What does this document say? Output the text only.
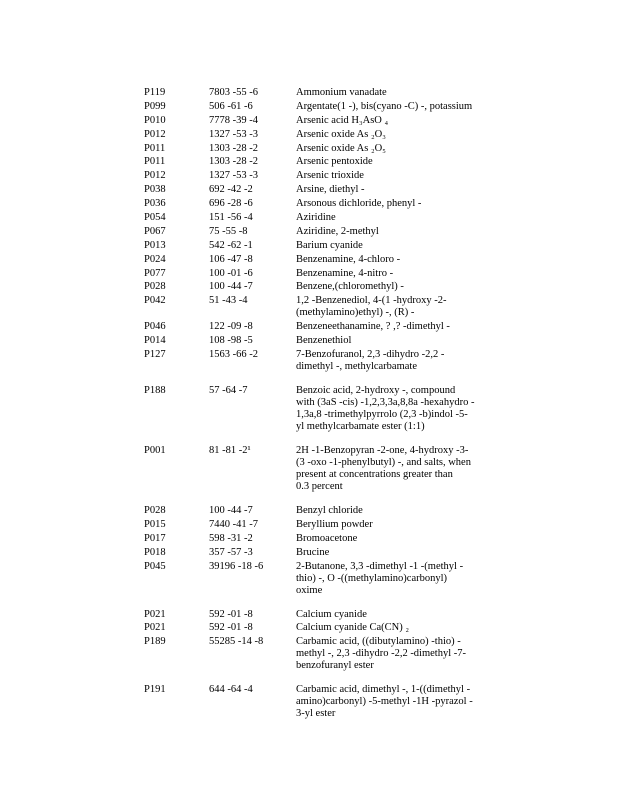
P119	7803 -55 -6	Ammonium vanadate
P099	506 -61 -6	Argentate(1 -), bis(cyano -C) -, potassium
P010	7778 -39 -4	Arsenic acid H₃AsO ₄
P012	1327 -53 -3	Arsenic oxide As ₂O₃
P011	1303 -28 -2	Arsenic oxide As ₂O₅
P011	1303 -28 -2	Arsenic pentoxide
P012	1327 -53 -3	Arsenic trioxide
P038	692 -42 -2	Arsine, diethyl -
P036	696 -28 -6	Arsonous dichloride, phenyl -
P054	151 -56 -4	Aziridine
P067	75 -55 -8	Aziridine, 2-methyl
P013	542 -62 -1	Barium cyanide
P024	106 -47 -8	Benzenamine, 4-chloro -
P077	100 -01 -6	Benzenamine, 4-nitro -
P028	100 -44 -7	Benzene,(chloromethyl) -
P042	51 -43 -4	1,2 -Benzenediol, 4-(1 -hydroxy -2-
(methylamino)ethyl) -, (R) -
P046	122 -09 -8	Benzeneethanamine, ? ,? -dimethyl -
P014	108 -98 -5	Benzenethiol
P127	1563 -66 -2	7-Benzofuranol, 2,3 -dihydro -2,2 -
dimethyl -, methylcarbamate
P188	57 -64 -7	Benzoic acid, 2-hydroxy -, compound
with (3aS -cis) -1,2,3,3a,8,8a -hexahydro -
1,3a,8 -trimethylpyrrolo (2,3 -b)indol -5-
yl methylcarbamate ester (1:1)
P001	81 -81 -2¹	2H -1-Benzopyran -2-one, 4-hydroxy -3-
(3 -oxo -1-phenylbutyl) -, and salts, when
present at concentrations greater than
0.3 percent
P028	100 -44 -7	Benzyl chloride
P015	7440 -41 -7	Beryllium powder
P017	598 -31 -2	Bromoacetone
P018	357 -57 -3	Brucine
P045	39196 -18 -6	2-Butanone, 3,3 -dimethyl -1 -(methyl -
thio) -, O -((methylamino)carbonyl)
oxime
P021	592 -01 -8	Calcium cyanide
P021	592 -01 -8	Calcium cyanide Ca(CN) ₂
P189	55285 -14 -8	Carbamic acid, ((dibutylamino) -thio) -
methyl -, 2,3 -dihydro -2,2 -dimethyl -7-
benzofuranyl ester
P191	644 -64 -4	Carbamic acid, dimethyl -, 1-((dimethyl -
amino)carbonyl) -5-methyl -1H -pyrazol -
3-yl ester
